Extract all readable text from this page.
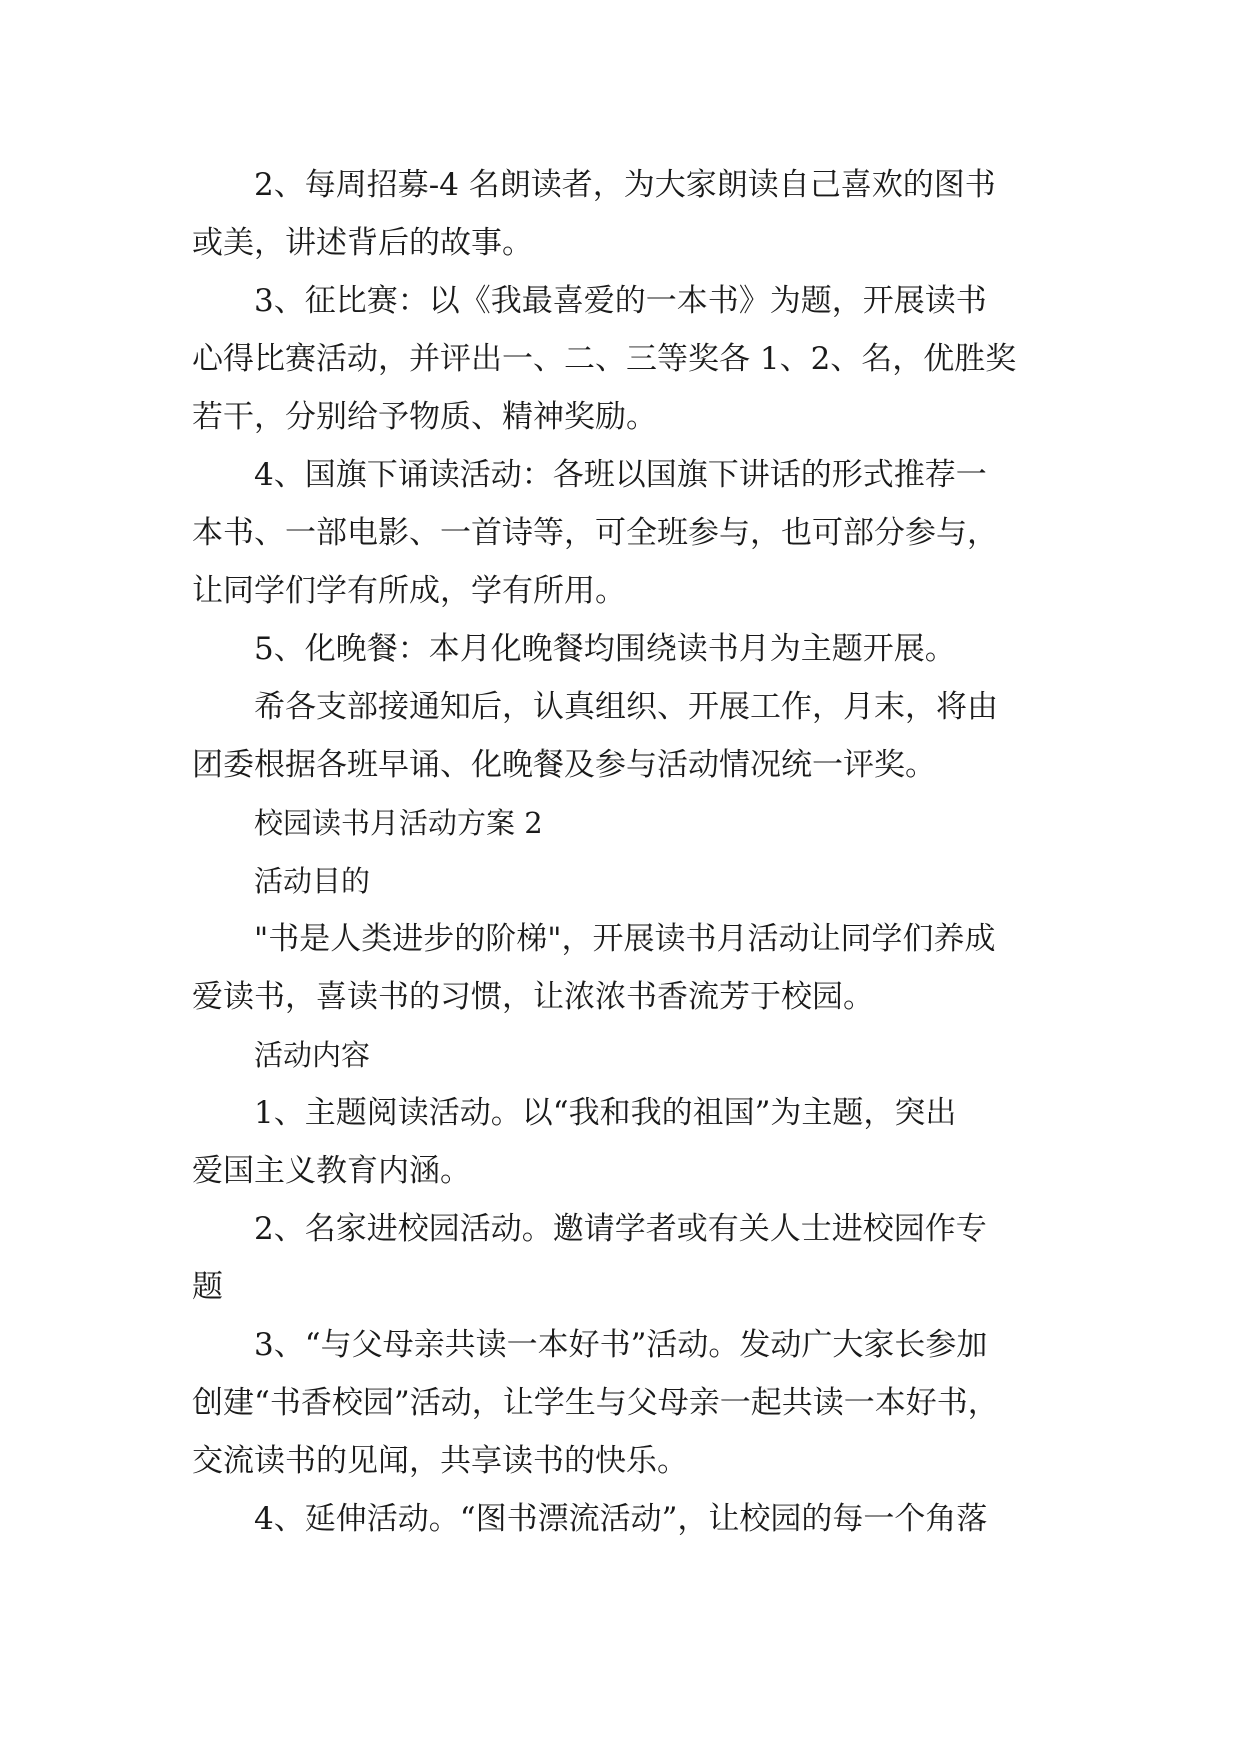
2、每周招募-4 名朗读者，为大家朗读自己喜欢的图书
或美，讲述背后的故事。
3、征比赛：以《我最喜爱的一本书》为题，开展读书
心得比赛活动，并评出一、二、三等奖各 1、2、名，优胜奖
若干，分别给予物质、精神奖励。
4、国旗下诵读活动：各班以国旗下讲话的形式推荐一
本书、一部电影、一首诗等，可全班参与，也可部分参与，
让同学们学有所成，学有所用。
5、化晚餐：本月化晚餐均围绕读书月为主题开展。
希各支部接通知后，认真组织、开展工作，月末，将由
团委根据各班早诵、化晚餐及参与活动情况统一评奖。
校园读书月活动方案 2
活动目的
"书是人类进步的阶梯"，开展读书月活动让同学们养成
爱读书，喜读书的习惯，让浓浓书香流芳于校园。
活动内容
1、主题阅读活动。以“我和我的祖国”为主题，突出
爱国主义教育内涵。
2、名家进校园活动。邀请学者或有关人士进校园作专
题
3、“与父母亲共读一本好书”活动。发动广大家长参加
创建“书香校园”活动，让学生与父母亲一起共读一本好书，
交流读书的见闻，共享读书的快乐。
4、延伸活动。“图书漂流活动”，让校园的每一个角落
